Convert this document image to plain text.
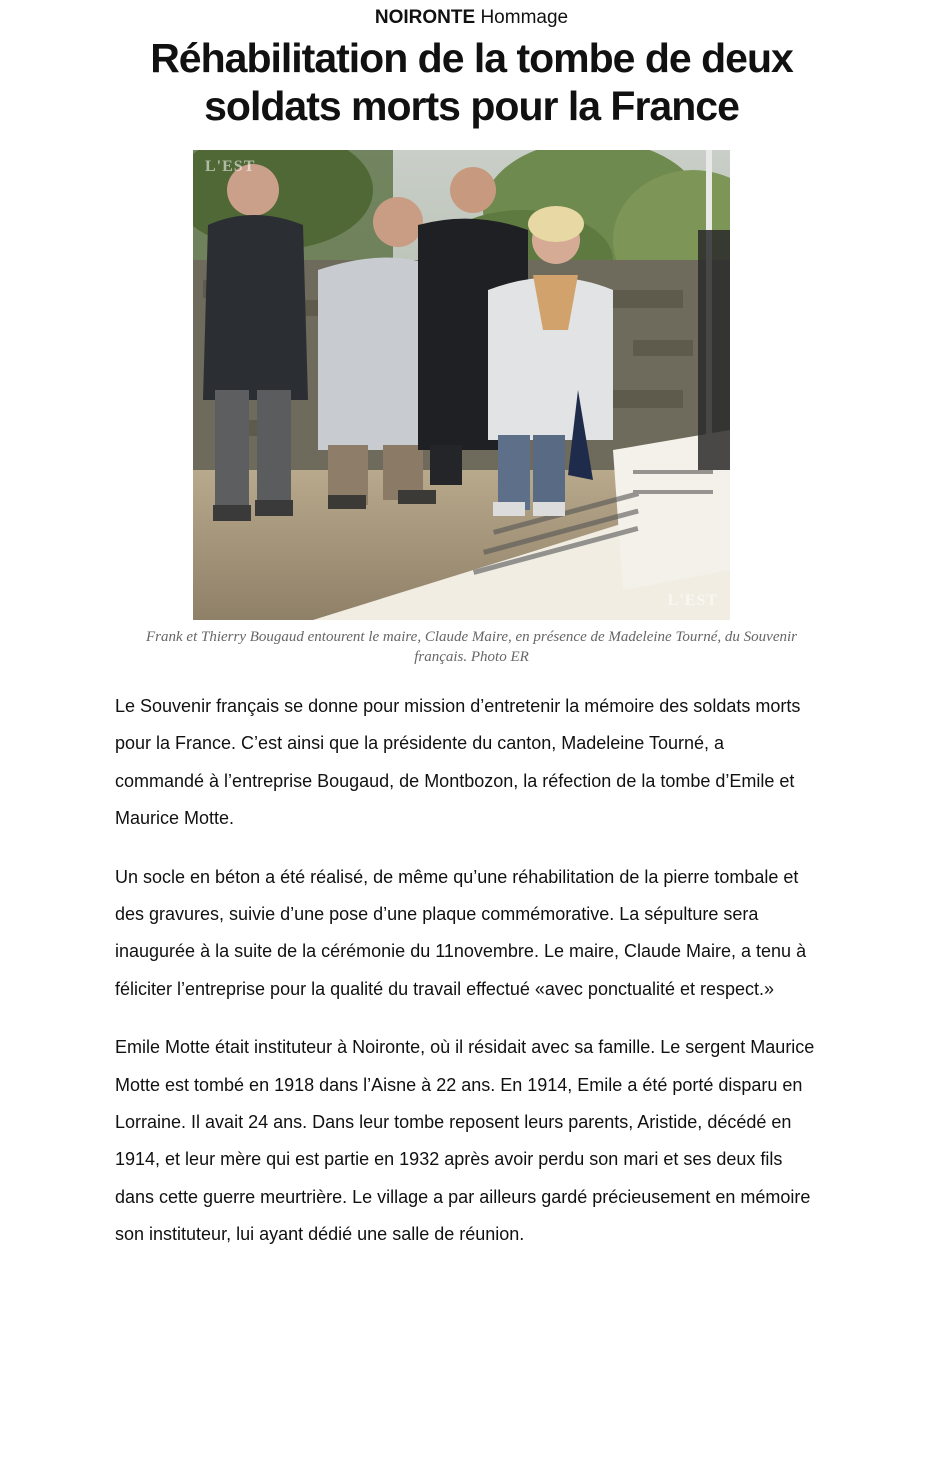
NOIRONTE Hommage
Réhabilitation de la tombe de deux soldats morts pour la France
L'EST
L'EST
Frank et Thierry Bougaud entourent le maire, Claude Maire, en présence de Madeleine Tourné, du Souvenir français. Photo ER

Le Souvenir français se donne pour mission d’entretenir la mémoire des soldats morts pour la France. C’est ainsi que la présidente du canton, Madeleine Tourné, a commandé à l’entreprise Bougaud, de Montbozon, la réfection de la tombe d’Emile et Maurice Motte.

Un socle en béton a été réalisé, de même qu’une réhabilitation de la pierre tombale et des gravures, suivie d’une pose d’une plaque commémorative. La sépulture sera inaugurée à la suite de la cérémonie du 11novembre. Le maire, Claude Maire, a tenu à féliciter l’entreprise pour la qualité du travail effectué «avec ponctualité et respect.»

Emile Motte était instituteur à Noironte, où il résidait avec sa famille. Le sergent Maurice Motte est tombé en 1918 dans l’Aisne à 22 ans. En 1914, Emile a été porté disparu en Lorraine. Il avait 24 ans. Dans leur tombe reposent leurs parents, Aristide, décédé en 1914, et leur mère qui est partie en 1932 après avoir perdu son mari et ses deux fils dans cette guerre meurtrière. Le village a par ailleurs gardé précieusement en mémoire son instituteur, lui ayant dédié une salle de réunion.
